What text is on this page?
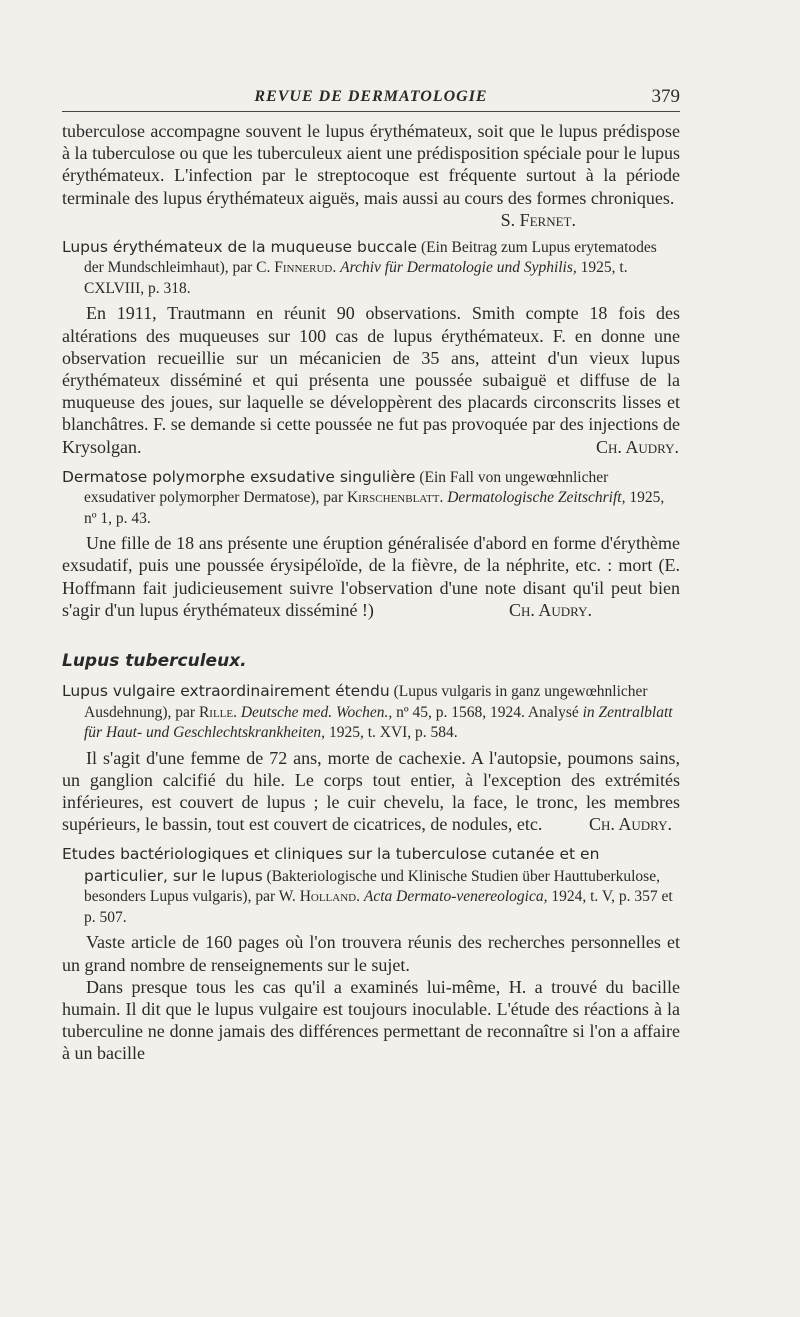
REVUE DE DERMATOLOGIE	379

tuberculose accompagne souvent le lupus érythémateux, soit que le lupus prédispose à la tuberculose ou que les tuberculeux aient une prédisposition spéciale pour le lupus érythémateux. L'infection par le streptocoque est fréquente surtout à la période terminale des lupus érythémateux aiguës, mais aussi au cours des formes chroniques.

S. Fernet.
Lupus érythémateux de la muqueuse buccale (Ein Beitrag zum Lupus erytematodes der Mundschleimhaut), par C. Finnerud. Archiv für Dermatologie und Syphilis, 1925, t. CXLVIII, p. 318.

En 1911, Trautmann en réunit 90 observations. Smith compte 18 fois des altérations des muqueuses sur 100 cas de lupus érythémateux. F. en donne une observation recueillie sur un mécanicien de 35 ans, atteint d'un vieux lupus érythémateux disséminé et qui présenta une poussée subaiguë et diffuse de la muqueuse des joues, sur laquelle se développèrent des placards circonscrits lisses et blanchâtres. F. se demande si cette poussée ne fut pas provoquée par des injections de Krysolgan.	Ch. Audry.
Dermatose polymorphe exsudative singulière (Ein Fall von ungewœhnlicher exsudativer polymorpher Dermatose), par Kirschenblatt. Dermatologische Zeitschrift, 1925, nº 1, p. 43.

Une fille de 18 ans présente une éruption généralisée d'abord en forme d'érythème exsudatif, puis une poussée érysipéloïde, de la fièvre, de la néphrite, etc. : mort (E. Hoffmann fait judicieusement suivre l'observation d'une note disant qu'il peut bien s'agir d'un lupus érythémateux disséminé !)	Ch. Audry.
Lupus tuberculeux.
Lupus vulgaire extraordinairement étendu (Lupus vulgaris in ganz ungewœhnlicher Ausdehnung), par Rille. Deutsche med. Wochen., nº 45, p. 1568, 1924. Analysé in Zentralblatt für Haut- und Geschlechtskrankheiten, 1925, t. XVI, p. 584.

Il s'agit d'une femme de 72 ans, morte de cachexie. A l'autopsie, poumons sains, un ganglion calcifié du hile. Le corps tout entier, à l'exception des extrémités inférieures, est couvert de lupus ; le cuir chevelu, la face, le tronc, les membres supérieurs, le bassin, tout est couvert de cicatrices, de nodules, etc.	Ch. Audry.
Etudes bactériologiques et cliniques sur la tuberculose cutanée et en particulier, sur le lupus (Bakteriologische und Klinische Studien über Hauttuberkulose, besonders Lupus vulgaris), par W. Holland. Acta Dermato-venereologica, 1924, t. V, p. 357 et p. 507.

Vaste article de 160 pages où l'on trouvera réunis des recherches personnelles et un grand nombre de renseignements sur le sujet.

Dans presque tous les cas qu'il a examinés lui-même, H. a trouvé du bacille humain. Il dit que le lupus vulgaire est toujours inoculable. L'étude des réactions à la tuberculine ne donne jamais des différences permettant de reconnaître si l'on a affaire à un bacille
